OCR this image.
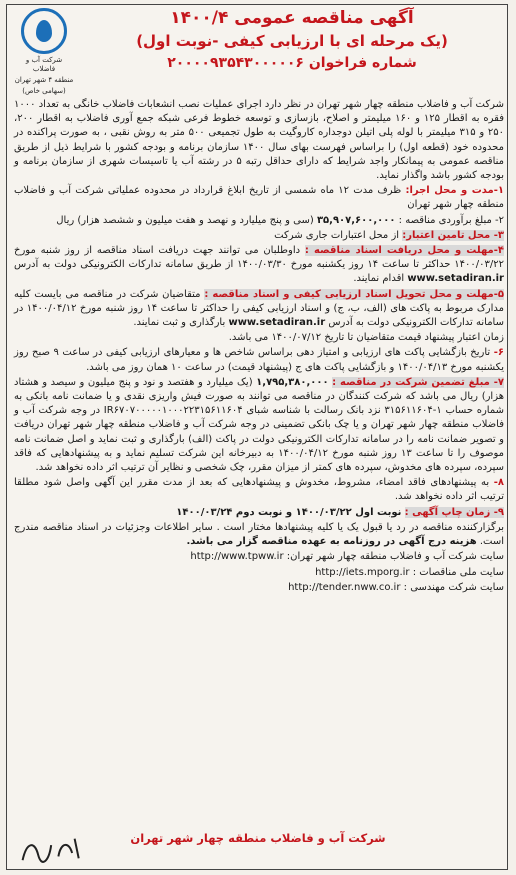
شرکت آب و فاضلاب
منطقه ۴ شهر تهران
(سهامی خاص)
آگهی مناقصه عمومی ۱۴۰۰/۴
(یک مرحله ای با ارزیابی کیفی -نوبت اول)
شماره فراخوان ۲۰۰۰۰۹۳۵۴۳۰۰۰۰۰۶

شرکت آب و فاضلاب منطقه چهار شهر تهران در نظر دارد اجرای عملیات نصب انشعابات فاضلاب خانگی به تعداد ۱۰۰۰ فقره به اقطار ۱۲۵ و ۱۶۰ میلیمتر و اصلاح، بازسازی و توسعه خطوط فرعی شبکه جمع آوری فاضلاب به اقطار ۲۰۰، ۲۵۰ و ۳۱۵ میلیمتر با لوله پلی اتیلن دوجداره کاروگیت به طول تجمیعی ۵۰۰ متر به روش نقبی ، به صورت پراکنده در محدوده خود (قطعه اول) را براساس فهرست بهای سال ۱۴۰۰ سازمان برنامه و بودجه کشور با شرایط ذیل از طریق مناقصه عمومی به پیمانکار واجد شرایط که دارای حداقل رتبه ۵ در رشته آب یا تاسیسات شهری از سازمان برنامه و بودجه کشور باشد واگذار نماید.

۱-مدت و محل اجرا: ظرف مدت ۱۲ ماه شمسی از تاریخ ابلاغ قرارداد در محدوده عملیاتی شرکت آب و فاضلاب منطقه چهار شهر تهران

۲- مبلغ برآوردی مناقصه : ۳۵,۹۰۷,۶۰۰,۰۰۰ (سی و پنج میلیارد و نهصد و هفت میلیون و ششصد هزار) ریال

۳- محل تامین اعتبار: از محل اعتبارات جاری شرکت

۴-مهلت و محل دریافت اسناد مناقصه : داوطلبان می توانند جهت دریافت اسناد مناقصه از روز شنبه مورخ ۱۴۰۰/۰۳/۲۲ حداکثر تا ساعت ۱۴ روز یکشنبه مورخ ۱۴۰۰/۰۳/۳۰ از طریق سامانه تدارکات الکترونیکی دولت به آدرس www.setadiran.ir اقدام نمایند.

۵-مهلت و محل تحویل اسناد ارزیابی کیفی و اسناد مناقصه : متقاضیان شرکت در مناقصه می بایست کلیه مدارک مربوط به پاکت های (الف، ب، ج) و اسناد ارزیابی کیفی را حداکثر تا ساعت ۱۴ روز شنبه مورخ ۱۴۰۰/۰۴/۱۲ در سامانه تدارکات الکترونیکی دولت به آدرس www.setadiran.ir بارگذاری و ثبت نمایند.

زمان اعتبار پیشنهاد قیمت متقاضیان تا تاریخ ۱۴۰۰/۰۷/۱۲ می باشد.

۶- تاریخ بازگشایی پاکت های ارزیابی و امتیاز دهی براساس شاخص ها و معیارهای ارزیابی کیفی در ساعت ۹ صبح روز یکشنبه مورخ ۱۴۰۰/۰۴/۱۳ و بازگشایی پاکت های ج (پیشنهاد قیمت) در ساعت ۱۰ همان روز می باشد.

۷- مبلغ تضمین شرکت در مناقصه : ۱,۷۹۵,۳۸۰,۰۰۰ (یک میلیارد و هفتصد و نود و پنج میلیون و سیصد و هشتاد هزار) ریال می باشد که شرکت کنندگان در مناقصه می توانند به صورت فیش واریزی نقدی و یا ضمانت نامه بانکی به شماره حساب ۱-۳۱۵۶۱۱۶۰۴ نزد بانک رسالت با شناسه شبای IR۶۷۰۷۰۰۰۰۰۱۰۰۰۲۲۳۱۵۶۱۱۶۰۴ در وجه شرکت آب و فاضلاب منطقه چهار شهر تهران و یا چک بانکی تضمینی در وجه شرکت آب و فاضلاب منطقه چهار شهر تهران دریافت و تصویر ضمانت نامه را در سامانه تدارکات الکترونیکی دولت در پاکت (الف) بارگذاری و ثبت نماید و اصل ضمانت نامه موصوف را تا ساعت ۱۳ روز شنبه مورخ ۱۴۰۰/۰۴/۱۲ به دبیرخانه این شرکت تسلیم نماید و به پیشنهادهایی که فاقد سپرده، سپرده های مخدوش، سپرده های کمتر از میزان مقرر، چک شخصی و نظایر آن ترتیب اثر داده نخواهد شد.

۸- به پیشنهادهای فاقد امضاء، مشروط، مخدوش و پیشنهادهایی که بعد از مدت مقرر این آگهی واصل شود مطلقا ترتیب اثر داده نخواهد شد.

۹- زمان چاپ آگهی : نوبت اول ۱۴۰۰/۰۳/۲۲ و نوبت دوم ۱۴۰۰/۰۳/۲۴

برگزارکننده مناقصه در رد یا قبول یک یا کلیه پیشنهادها مختار است . سایر اطلاعات وجزئیات در اسناد مناقصه مندرج است. هزینه درج آگهی در روزنامه به عهده مناقصه گزار می باشد.

سایت شرکت آب و فاضلاب منطقه چهار شهر تهران: http://www.tpww.ir

سایت ملی مناقصات : http://iets.mporg.ir

سایت شرکت مهندسی : http://tender.nww.co.ir

شرکت آب و فاضلاب منطقه چهار شهر تهران
